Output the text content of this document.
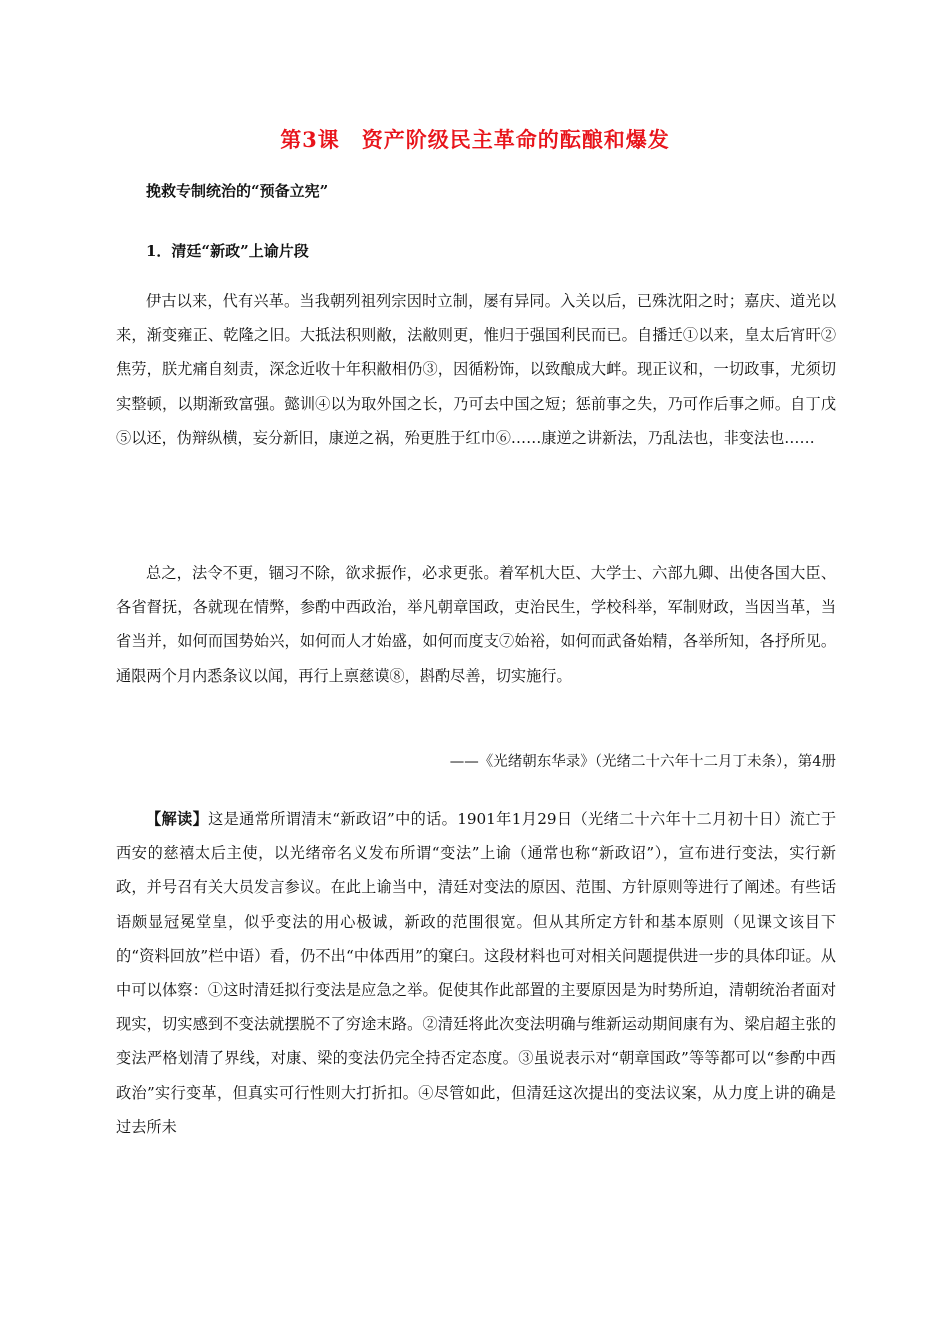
第3课　资产阶级民主革命的酝酿和爆发
挽救专制统治的“预备立宪”
1．清廷“新政”上谕片段

伊古以来，代有兴革。当我朝列祖列宗因时立制，屡有异同。入关以后，已殊沈阳之时；嘉庆、道光以来，渐变雍正、乾隆之旧。大抵法积则敝，法敝则更，惟归于强国利民而已。自播迁①以来，皇太后宵旰②焦劳，朕尤痛自刻责，深念近收十年积敝相仍③，因循粉饰，以致酿成大衅。现正议和，一切政事，尤须切实整顿，以期渐致富强。懿训④以为取外国之长，乃可去中国之短；惩前事之失，乃可作后事之师。自丁戊⑤以还，伪辩纵横，妄分新旧，康逆之祸，殆更胜于红巾⑥……康逆之讲新法，乃乱法也，非变法也……

总之，法令不更，锢习不除，欲求振作，必求更张。着军机大臣、大学士、六部九卿、出使各国大臣、各省督抚，各就现在情弊，参酌中西政治，举凡朝章国政，吏治民生，学校科举，军制财政，当因当革，当省当并，如何而国势始兴，如何而人才始盛，如何而度支⑦始裕，如何而武备始精，各举所知，各抒所见。通限两个月内悉条议以闻，再行上禀慈谟⑧，斟酌尽善，切实施行。

——《光绪朝东华录》（光绪二十六年十二月丁未条），第4册

【解读】这是通常所谓清末“新政诏”中的话。1901年1月29日（光绪二十六年十二月初十日）流亡于西安的慈禧太后主使，以光绪帝名义发布所谓“变法”上谕（通常也称“新政诏”），宣布进行变法，实行新政，并号召有关大员发言参议。在此上谕当中，清廷对变法的原因、范围、方针原则等进行了阐述。有些话语颇显冠冕堂皇，似乎变法的用心极诚，新政的范围很宽。但从其所定方针和基本原则（见课文该目下的“资料回放”栏中语）看，仍不出“中体西用”的窠臼。这段材料也可对相关问题提供进一步的具体印证。从中可以体察：①这时清廷拟行变法是应急之举。促使其作此部置的主要原因是为时势所迫，清朝统治者面对现实，切实感到不变法就摆脱不了穷途末路。②清廷将此次变法明确与维新运动期间康有为、梁启超主张的变法严格划清了界线，对康、梁的变法仍完全持否定态度。③虽说表示对“朝章国政”等等都可以“参酌中西政治”实行变革，但真实可行性则大打折扣。④尽管如此，但清廷这次提出的变法议案，从力度上讲的确是过去所未
